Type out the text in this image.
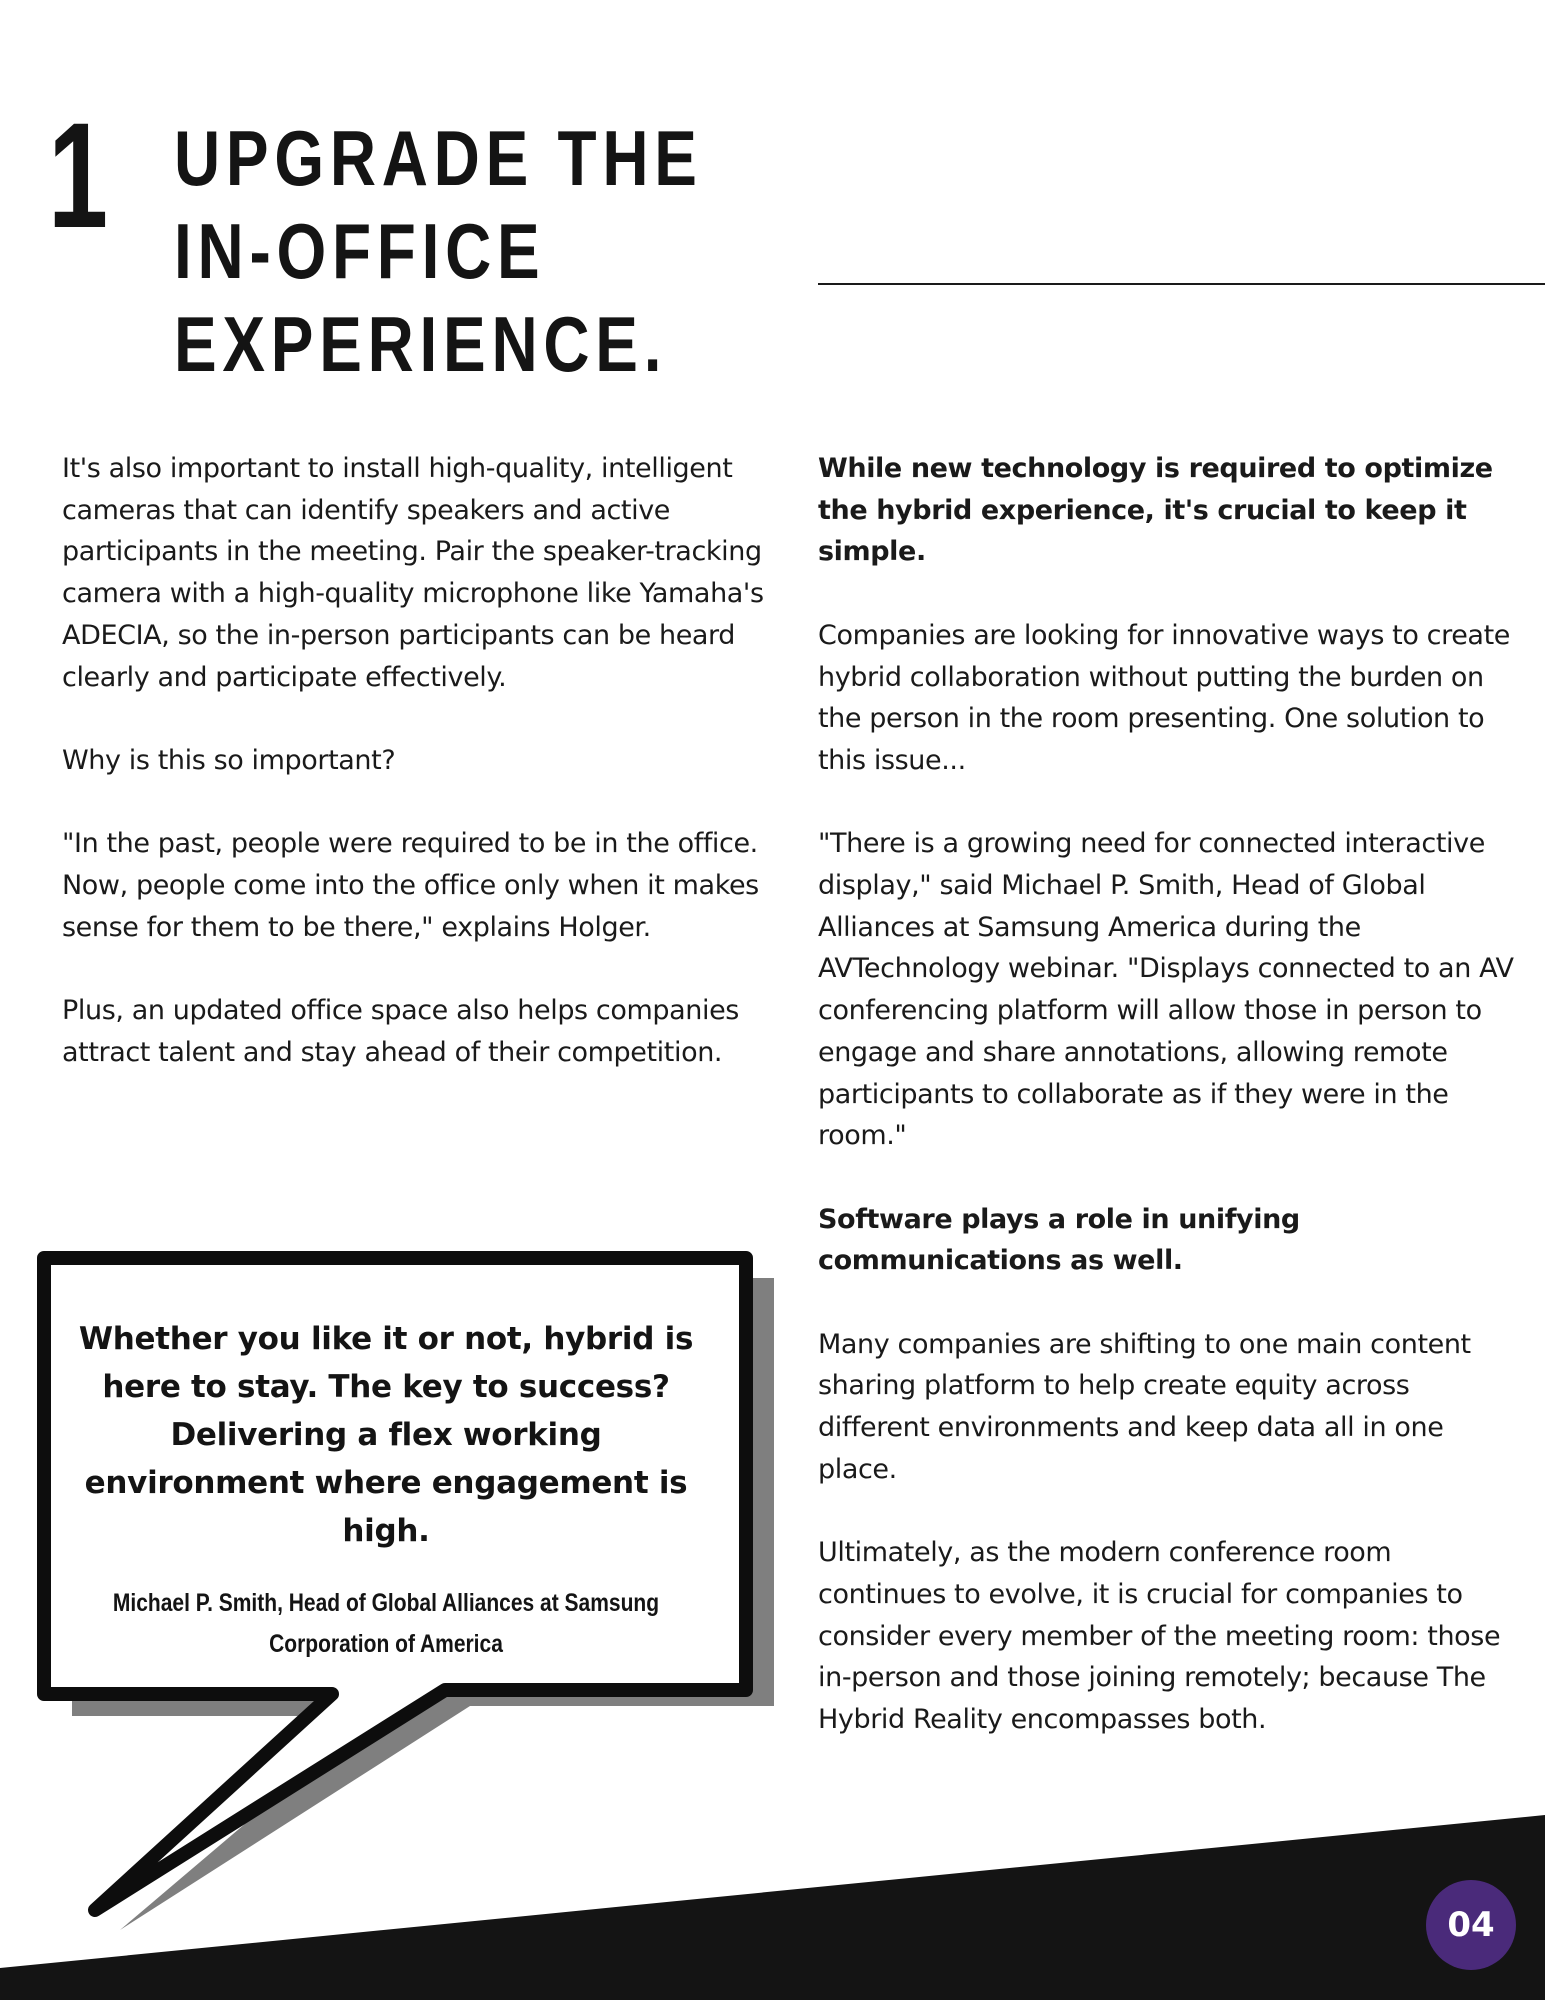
1 UPGRADE THE
IN-OFFICE
EXPERIENCE.

It's also important to install high-quality, intelligent cameras that can identify speakers and active participants in the meeting. Pair the speaker-tracking camera with a high-quality microphone like Yamaha's ADECIA, so the in-person participants can be heard clearly and participate effectively.

Why is this so important?

"In the past, people were required to be in the office. Now, people come into the office only when it makes sense for them to be there," explains Holger.

Plus, an updated office space also helps companies attract talent and stay ahead of their competition.

While new technology is required to optimize the hybrid experience, it's crucial to keep it simple.

Companies are looking for innovative ways to create hybrid collaboration without putting the burden on the person in the room presenting. One solution to this issue...

"There is a growing need for connected interactive display," said Michael P. Smith, Head of Global Alliances at Samsung America during the AVTechnology webinar. "Displays connected to an AV conferencing platform will allow those in person to engage and share annotations, allowing remote participants to collaborate as if they were in the room."

Software plays a role in unifying communications as well.

Many companies are shifting to one main content sharing platform to help create equity across different environments and keep data all in one place.

Ultimately, as the modern conference room continues to evolve, it is crucial for companies to consider every member of the meeting room: those in-person and those joining remotely; because The Hybrid Reality encompasses both.

Whether you like it or not, hybrid is here to stay. The key to success? Delivering a flex working environment where engagement is high.

Michael P. Smith, Head of Global Alliances at Samsung Corporation of America

04
